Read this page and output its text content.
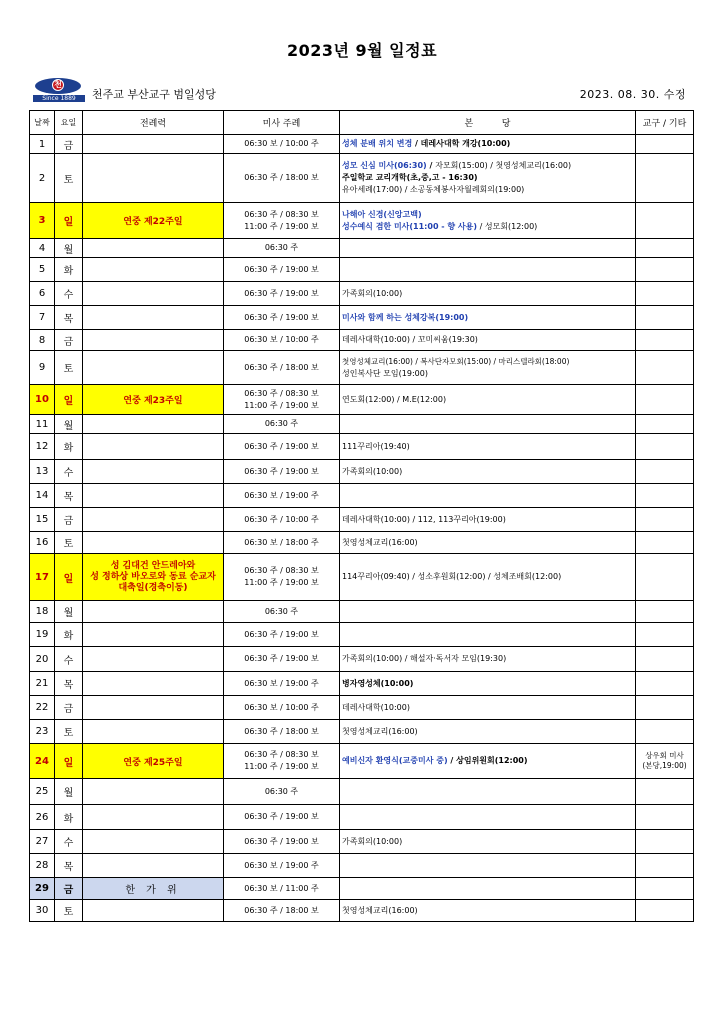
2023년 9월 일정표
천
Since 1889	천주교 부산교구 범일성당	2023. 08. 30. 수정
날짜	요일	전례력	미사 주례	본          당	교구 / 기타
1	금		06:30 보 / 10:00 주	성체 분배 위치 변경 / 데레사대학 개강(10:00)	

2	토		06:30 주 / 18:00 보	성모 신심 미사(06:30) / 자모회(15:00) / 첫영성체교리(16:00)
주일학교 교리개학(초,중,고 - 16:30)
유아세례(17:00) / 소공동체봉사자월례회의(19:00)	

3	일	연중 제22주일	06:30 주 / 08:30 보
11:00 주 / 19:00 보	나해아 신경(신앙고백)
성수예식 겸한 미사(11:00 - 향 사용) / 성모회(12:00)	

4	월		06:30 주		

5	화		06:30 주 / 19:00 보		

6	수		06:30 주 / 19:00 보	가족회의(10:00)	

7	목		06:30 주 / 19:00 보	미사와 함께 하는 성체강복(19:00)	

8	금		06:30 보 / 10:00 주	데레사대학(10:00) / 꼬미씨움(19:30)	

9	토		06:30 주 / 18:00 보	첫영성체교리(16:00) / 복사단자모회(15:00) / 마리스텔라회(18:00)
성인복사단 모임(19:00)	

10	일	연중 제23주일	06:30 주 / 08:30 보
11:00 주 / 19:00 보	연도회(12:00) / M.E(12:00)	

11	월		06:30 주		

12	화		06:30 주 / 19:00 보	111꾸리아(19:40)	

13	수		06:30 주 / 19:00 보	가족회의(10:00)	

14	목		06:30 보 / 19:00 주		

15	금		06:30 주 / 10:00 주	데레사대학(10:00) / 112, 113꾸리아(19:00)	

16	토		06:30 보 / 18:00 주	첫영성체교리(16:00)	

17	일	성 김대건 안드레아와
성 정하상 바오로와 동료 순교자
대축일(경축이동)	06:30 주 / 08:30 보
11:00 주 / 19:00 보	114꾸리아(09:40) / 성소후원회(12:00) / 성체조배회(12:00)	

18	월		06:30 주		

19	화		06:30 주 / 19:00 보		

20	수		06:30 주 / 19:00 보	가족회의(10:00) / 해설자·독서자 모임(19:30)	

21	목		06:30 보 / 19:00 주	병자영성체(10:00)	

22	금		06:30 보 / 10:00 주	데레사대학(10:00)	

23	토		06:30 주 / 18:00 보	첫영성체교리(16:00)	

24	일	연중 제25주일	06:30 주 / 08:30 보
11:00 주 / 19:00 보	예비신자 환영식(교중미사 중) / 상임위원회(12:00)	상우회 미사
(본당,19:00)

25	월		06:30 주		

26	화		06:30 주 / 19:00 보		

27	수		06:30 주 / 19:00 보	가족회의(10:00)	

28	목		06:30 보 / 19:00 주		

29	금	한 가 위	06:30 보 / 11:00 주		

30	토		06:30 주 / 18:00 보	첫영성체교리(16:00)	
